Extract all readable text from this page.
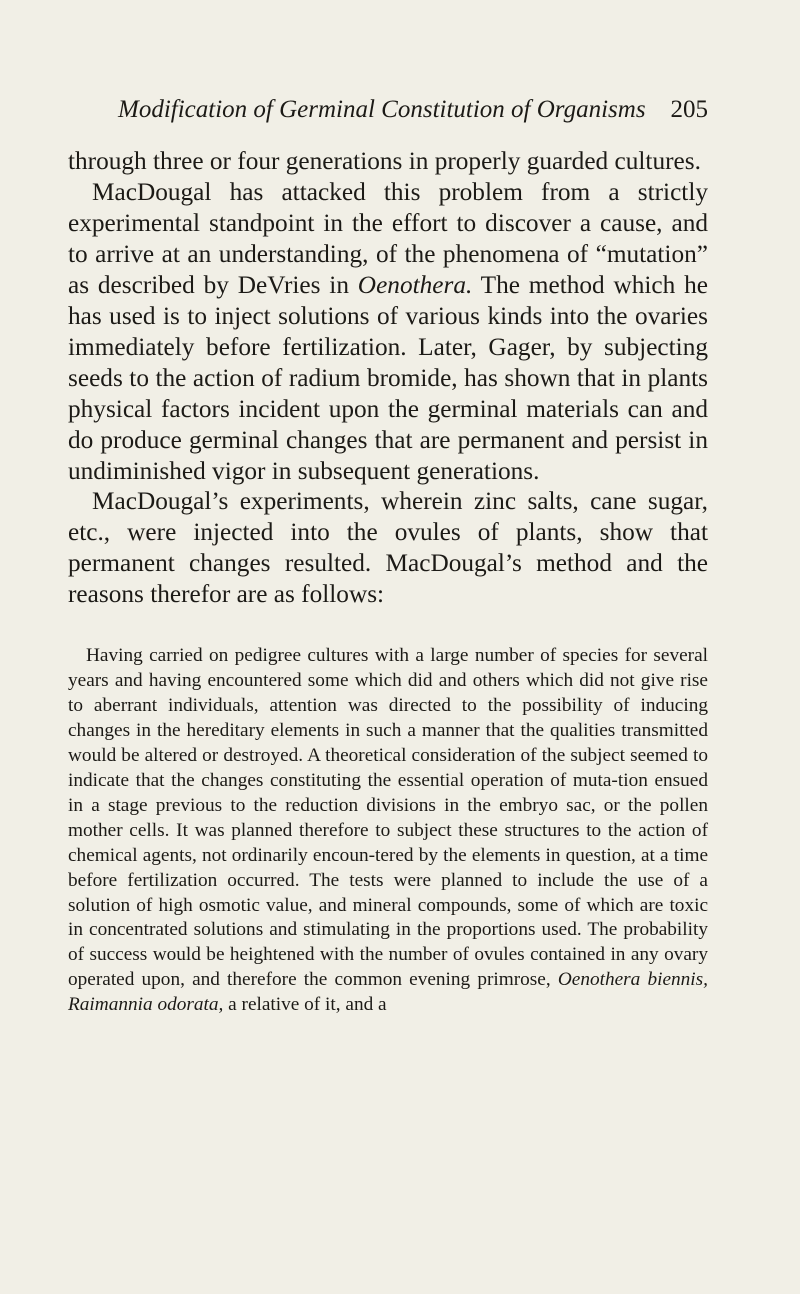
Modification of Germinal Constitution of Organisms 205

through three or four generations in properly guarded cultures.

MacDougal has attacked this problem from a strictly experimental standpoint in the effort to discover a cause, and to arrive at an understanding, of the phenomena of “mutation” as described by DeVries in Oenothera. The method which he has used is to inject solutions of various kinds into the ovaries immediately before fertilization. Later, Gager, by subjecting seeds to the action of radium bromide, has shown that in plants physical factors incident upon the germinal materials can and do produce germinal changes that are permanent and persist in undiminished vigor in subsequent generations.

MacDougal’s experiments, wherein zinc salts, cane sugar, etc., were injected into the ovules of plants, show that permanent changes resulted. MacDougal’s method and the reasons therefor are as follows:

Having carried on pedigree cultures with a large number of species for several years and having encountered some which did and others which did not give rise to aberrant individuals, attention was directed to the possibility of inducing changes in the hereditary elements in such a manner that the qualities transmitted would be altered or destroyed. A theoretical consideration of the subject seemed to indicate that the changes constituting the essential operation of muta-tion ensued in a stage previous to the reduction divisions in the embryo sac, or the pollen mother cells. It was planned therefore to subject these structures to the action of chemical agents, not ordinarily encoun-tered by the elements in question, at a time before fertilization occurred. The tests were planned to include the use of a solution of high osmotic value, and mineral compounds, some of which are toxic in concentrated solutions and stimulating in the proportions used. The probability of success would be heightened with the number of ovules contained in any ovary operated upon, and therefore the common evening primrose, Oenothera biennis, Raimannia odorata, a relative of it, and a
